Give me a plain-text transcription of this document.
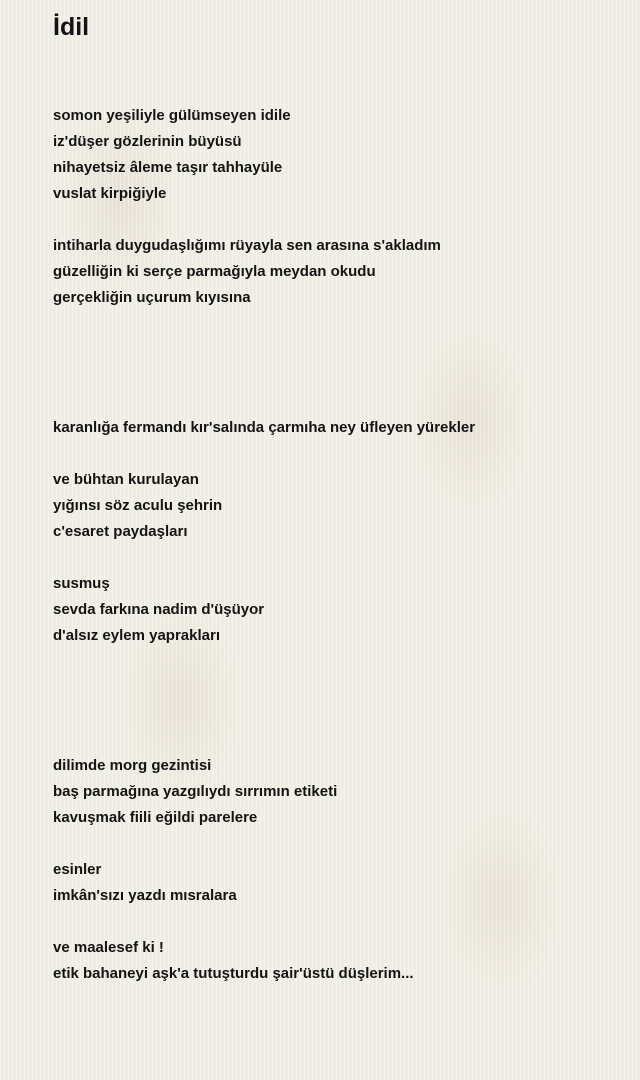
İdil
somon yeşiliyle gülümseyen idile
iz'düşer gözlerinin büyüsü
nihayetsiz âleme taşır tahhayüle
vuslat kirpiğiyle
intiharla duygudaşlığımı rüyayla sen arasına s'akladım
güzelliğin ki serçe parmağıyla meydan okudu
gerçekliğin uçurum kıyısına
karanlığa fermandı kır'salında çarmıha ney üfleyen yürekler
ve bühtan kurulayan
yığınsı söz aculu şehrin
c'esaret paydaşları
susmuş
sevda farkına nadim d'üşüyor
d'alsız eylem yaprakları
dilimde morg gezintisi
baş parmağına yazgılıydı sırrımın etiketi
kavuşmak fiili eğildi parelere
esinler
imkân'sızı yazdı mısralara
ve maalesef ki !
etik bahaneyi aşk'a tutuşturdu şair'üstü düşlerim...
